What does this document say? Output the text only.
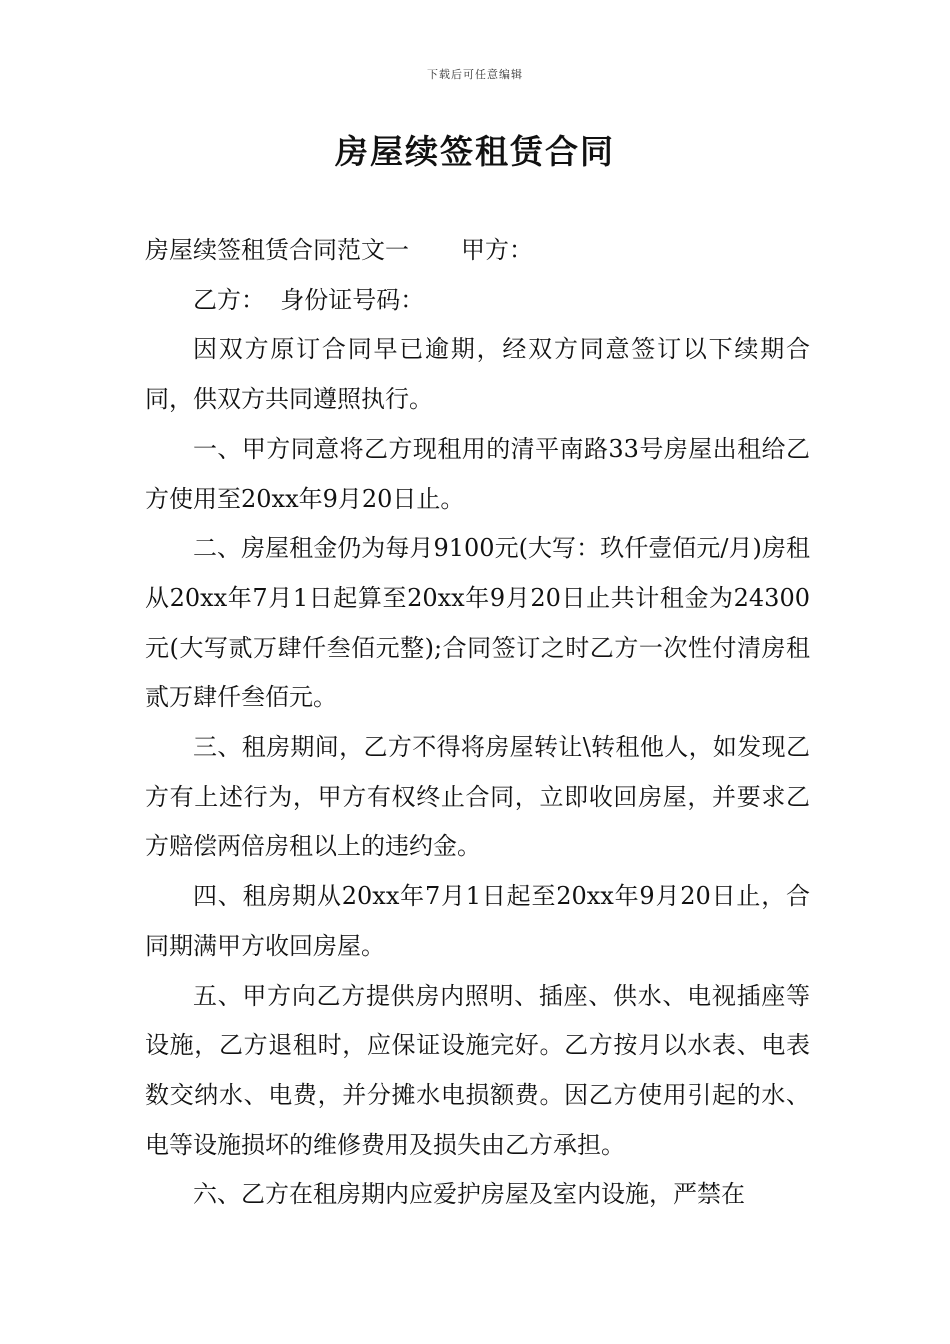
下载后可任意编辑
房屋续签租赁合同

房屋续签租赁合同范文一 甲方：

乙方：  身份证号码：

因双方原订合同早已逾期，经双方同意签订以下续期合同，供双方共同遵照执行。

一、甲方同意将乙方现租用的清平南路33号房屋出租给乙方使用至20xx年9月20日止。

二、房屋租金仍为每月9100元(大写：玖仟壹佰元/月)房租从20xx年7月1日起算至20xx年9月20日止共计租金为24300元(大写贰万肆仟叁佰元整);合同签订之时乙方一次性付清房租贰万肆仟叁佰元。

三、租房期间，乙方不得将房屋转让\转租他人，如发现乙方有上述行为，甲方有权终止合同，立即收回房屋，并要求乙方赔偿两倍房租以上的违约金。

四、租房期从20xx年7月1日起至20xx年9月20日止，合同期满甲方收回房屋。

五、甲方向乙方提供房内照明、插座、供水、电视插座等设施，乙方退租时，应保证设施完好。乙方按月以水表、电表数交纳水、电费，并分摊水电损额费。因乙方使用引起的水、电等设施损坏的维修费用及损失由乙方承担。

六、乙方在租房期内应爱护房屋及室内设施，严禁在
